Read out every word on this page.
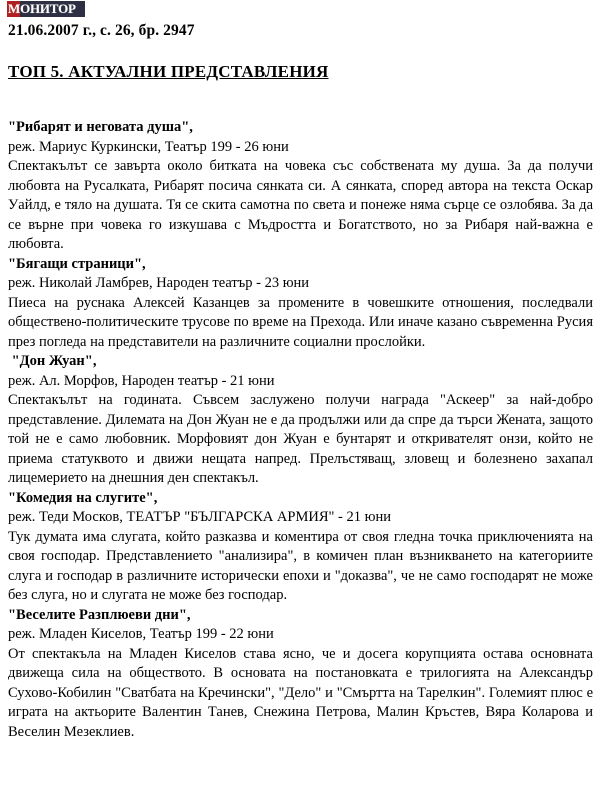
МОНИТОР
21.06.2007 г., с. 26, бр. 2947
ТОП 5. АКТУАЛНИ ПРЕДСТАВЛЕНИЯ
"Рибарят и неговата душа",
реж. Мариус Куркински, Театър 199 - 26 юни

Спектакълът се завърта около битката на човека със собствената му душа. За да получи любовта на Русалката, Рибарят посича сянката си. А сянката, според автора на текста Оскар Уайлд, е тяло на душата. Тя се скита самотна по света и понеже няма сърце се озлобява. За да се върне при човека го изкушава с Мъдростта и Богатството, но за Рибаря най-важна е любовта.

"Бягащи страници",
реж. Николай Ламбрев, Народен театър - 23 юни

Пиеса на руснака Алексей Казанцев за промените в човешките отношения, последвали обществено-политическите трусове по време на Прехода. Или иначе казано съвременна Русия през погледа на представители на различните социални прослойки.

"Дон Жуан",
реж. Ал. Морфов, Народен театър - 21 юни

Спектакълът на годината. Съвсем заслужено получи награда "Аскеер" за най-добро представление. Дилемата на Дон Жуан не е да продължи или да спре да търси Жената, защото той не е само любовник. Морфовият дон Жуан е бунтарят и откривателят онзи, който не приема статуквото и движи нещата напред. Прелъстяващ, зловещ и болезнено захапал лицемерието на днешния ден спектакъл.

"Комедия на слугите",
реж. Теди Москов, ТЕАТЪР "БЪЛГАРСКА АРМИЯ" - 21 юни

Тук думата има слугата, който разказва и коментира от своя гледна точка приключенията на своя господар. Представлението "анализира", в комичен план възникването на категориите слуга и господар в различните исторически епохи и "доказва", че не само господарят не може без слуга, но и слугата не може без господар.

"Веселите Разплюеви дни",
реж. Младен Киселов, Театър 199 - 22 юни

От спектакъла на Младен Киселов става ясно, че и досега корупцията остава основната движеща сила на обществото. В основата на постановката е трилогията на Александър Сухово-Кобилин "Сватбата на Кречински", "Дело" и "Смъртта на Тарелкин". Големият плюс е играта на актьорите Валентин Танев, Снежина Петрова, Малин Кръстев, Вяра Коларова и Веселин Мезеклиев.
